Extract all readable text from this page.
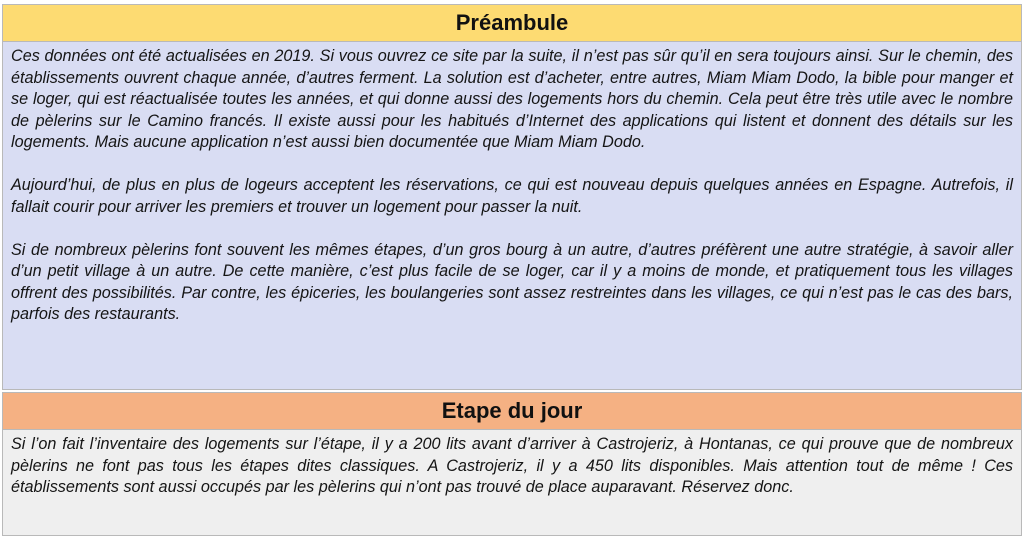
Préambule

Ces données ont été actualisées en 2019. Si vous ouvrez ce site par la suite, il n’est pas sûr qu’il en sera toujours ainsi. Sur le chemin, des établissements ouvrent chaque année, d’autres ferment. La solution est d’acheter, entre autres, Miam Miam Dodo, la bible pour manger et se loger, qui est réactualisée toutes les années, et qui donne aussi des logements hors du chemin. Cela peut être très utile avec le nombre de pèlerins sur le Camino francés. Il existe aussi pour les habitués d’Internet des applications qui listent et donnent des détails sur les logements. Mais aucune application n’est aussi bien documentée que Miam Miam Dodo.

Aujourd’hui, de plus en plus de logeurs acceptent les réservations, ce qui est nouveau depuis quelques années en Espagne. Autrefois, il fallait courir pour arriver les premiers et trouver un logement pour passer la nuit.

Si de nombreux pèlerins font souvent les mêmes étapes, d’un gros bourg à un autre, d’autres préfèrent une autre stratégie, à savoir aller d’un petit village à un autre. De cette manière, c’est plus facile de se loger, car il y a moins de monde, et pratiquement tous les villages offrent des possibilités. Par contre, les épiceries, les boulangeries sont assez restreintes dans les villages, ce qui n’est pas le cas des bars, parfois des restaurants.

Etape du jour

Si l’on fait l’inventaire des logements sur l’étape, il y a 200 lits avant d’arriver à Castrojeriz, à Hontanas, ce qui prouve que de nombreux pèlerins ne font pas tous les étapes dites classiques. A Castrojeriz, il y a 450 lits disponibles. Mais attention tout de même ! Ces établissements sont aussi occupés par les pèlerins qui n’ont pas trouvé de place auparavant. Réservez donc.
